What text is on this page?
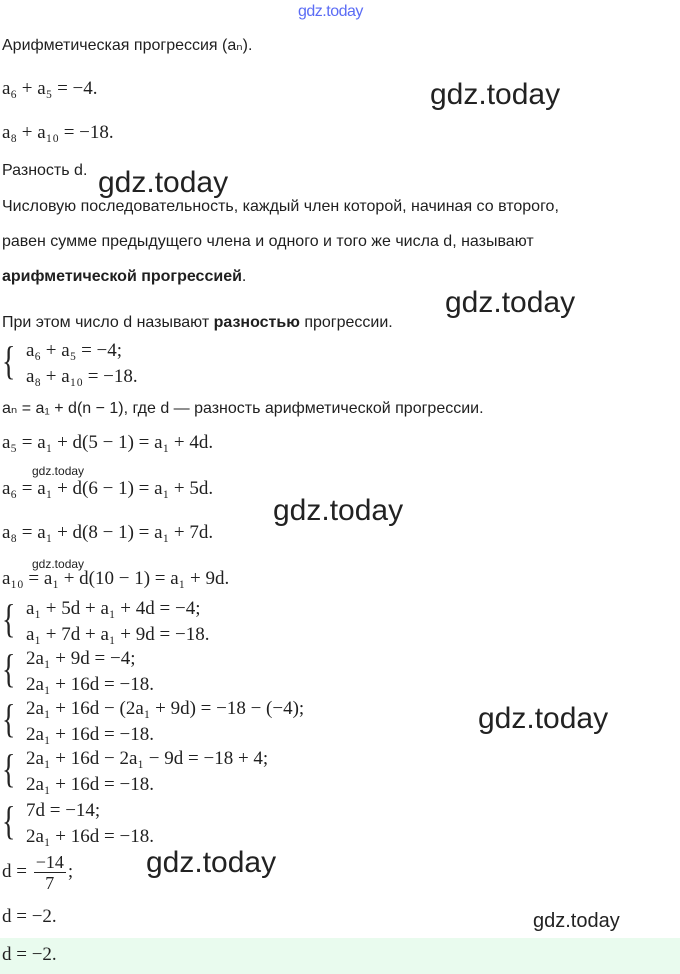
gdz.today
gdz.today
gdz.today
gdz.today
gdz.today
gdz.today
gdz.today
gdz.today
gdz.today
gdz.today
Арифметическая прогрессия (aₙ).
a₆ + a₅ = −4.
a₈ + a₁₀ = −18.
Разность d.
Числовую последовательность, каждый член которой, начиная со второго,
равен сумме предыдущего члена и одного и того же числа d, называют
арифметической прогрессией.
При этом число d называют разностью прогрессии.
{ a₆ + a₅ = −4;
a₈ + a₁₀ = −18.
aₙ = a₁ + d(n − 1), где d — разность арифметической прогрессии.
a₅ = a₁ + d(5 − 1) = a₁ + 4d.
a₆ = a₁ + d(6 − 1) = a₁ + 5d.
a₈ = a₁ + d(8 − 1) = a₁ + 7d.
a₁₀ = a₁ + d(10 − 1) = a₁ + 9d.
{ a₁ + 5d + a₁ + 4d = −4;
a₁ + 7d + a₁ + 9d = −18.
{ 2a₁ + 9d = −4;
2a₁ + 16d = −18.
{ 2a₁ + 16d − (2a₁ + 9d) = −18 − (−4);
2a₁ + 16d = −18.
{ 2a₁ + 16d − 2a₁ − 9d = −18 + 4;
2a₁ + 16d = −18.
{ 7d = −14;
2a₁ + 16d = −18.
$d = \frac{-14}{7}$ ;
d = −2.
d = −2.
